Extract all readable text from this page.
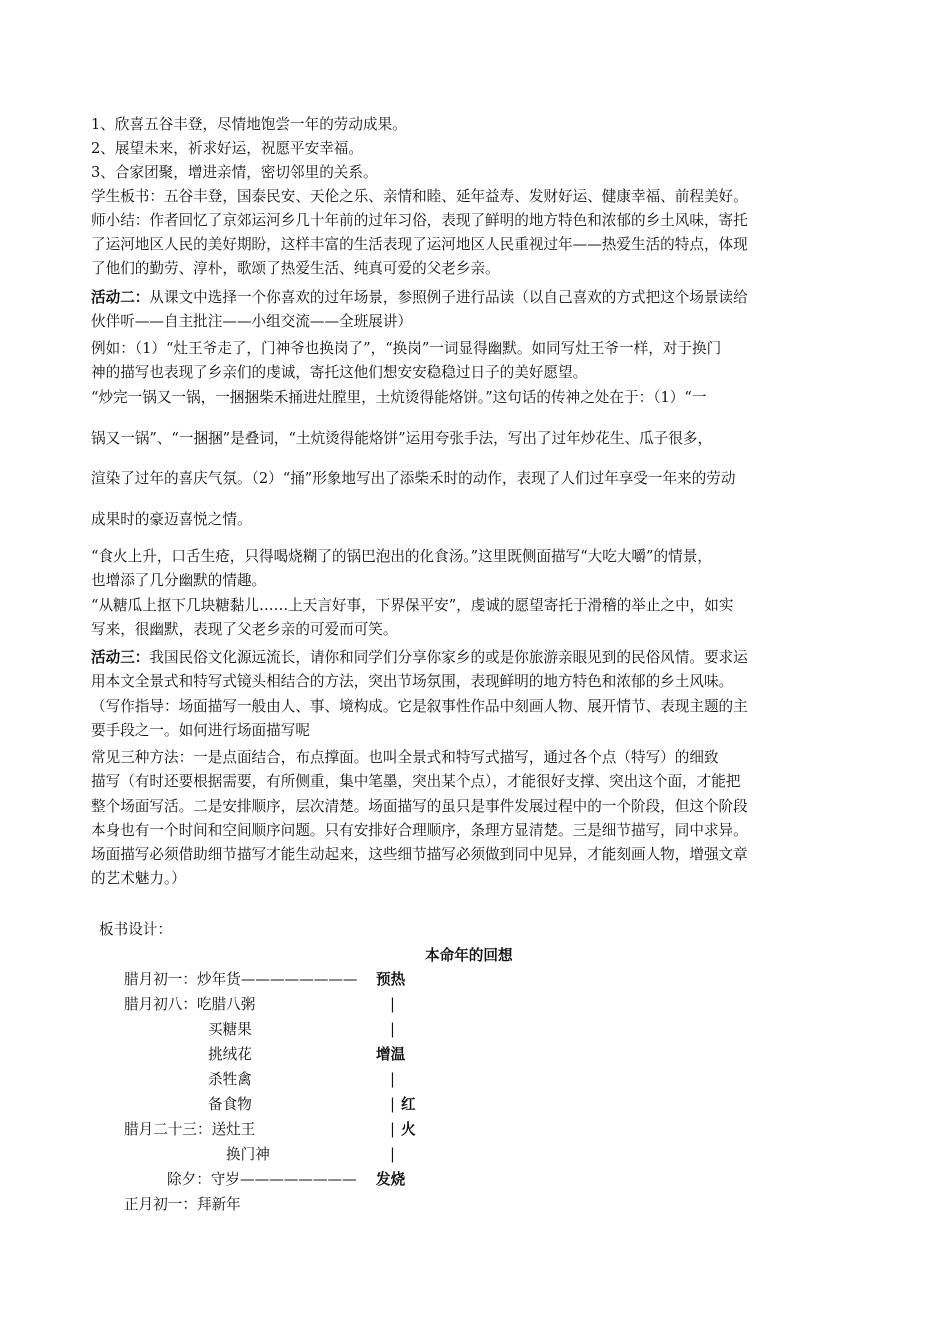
1、欣喜五谷丰登，尽情地饱尝一年的劳动成果。
2、展望未来，祈求好运，祝愿平安幸福。
3、合家团聚，增进亲情，密切邻里的关系。
学生板书：五谷丰登，国泰民安、天伦之乐、亲情和睦、延年益寿、发财好运、健康幸福、前程美好。
师小结：作者回忆了京郊运河乡几十年前的过年习俗，表现了鲜明的地方特色和浓郁的乡土风味，寄托
了运河地区人民的美好期盼，这样丰富的生活表现了运河地区人民重视过年——热爱生活的特点，体现
了他们的勤劳、淳朴，歌颂了热爱生活、纯真可爱的父老乡亲。
活动二：从课文中选择一个你喜欢的过年场景，参照例子进行品读（以自己喜欢的方式把这个场景读给
伙伴听——自主批注——小组交流——全班展讲）
例如：（1）“灶王爷走了，门神爷也换岗了”，“换岗”一词显得幽默。如同写灶王爷一样，对于换门
神的描写也表现了乡亲们的虔诚，寄托这他们想安安稳稳过日子的美好愿望。
“炒完一锅又一锅，一捆捆柴禾捅进灶膛里，土炕烫得能烙饼。”这句话的传神之处在于：（1）“一
锅又一锅”、“一捆捆”是叠词，“土炕烫得能烙饼”运用夸张手法，写出了过年炒花生、瓜子很多，
渲染了过年的喜庆气氛。（2）“捅”形象地写出了添柴禾时的动作，表现了人们过年享受一年来的劳动
成果时的豪迈喜悦之情。
“食火上升，口舌生疮，只得喝烧糊了的锅巴泡出的化食汤。”这里既侧面描写“大吃大嚼”的情景，
也增添了几分幽默的情趣。
“从糖瓜上抠下几块糖黏儿……上天言好事，下界保平安”，虔诚的愿望寄托于滑稽的举止之中，如实
写来，很幽默，表现了父老乡亲的可爱而可笑。
活动三：我国民俗文化源远流长，请你和同学们分享你家乡的或是你旅游亲眼见到的民俗风情。要求运
用本文全景式和特写式镜头相结合的方法，突出节场氛围，表现鲜明的地方特色和浓郁的乡土风味。
（写作指导：场面描写一般由人、事、境构成。它是叙事性作品中刻画人物、展开情节、表现主题的主
要手段之一。如何进行场面描写呢
常见三种方法：一是点面结合，布点撑面。也叫全景式和特写式描写，通过各个点（特写）的细致
描写（有时还要根据需要，有所侧重，集中笔墨，突出某个点），才能很好支撑、突出这个面，才能把
整个场面写活。二是安排顺序，层次清楚。场面描写的虽只是事件发展过程中的一个阶段，但这个阶段
本身也有一个时间和空间顺序问题。只有安排好合理顺序，条理方显清楚。三是细节描写，同中求异。
场面描写必须借助细节描写才能生动起来，这些细节描写必须做到同中见异，才能刻画人物，增强文章
的艺术魅力。）
板书设计：
本命年的回想
腊月初一：炒年货———————— 预热
腊月初八：吃腊八粥	|
买糖果	|
挑绒花	增温
杀牲禽	|
备食物	| 红
腊月二十三：送灶王	| 火
换门神	|
除夕：守岁———————— 发烧
正月初一：拜新年
